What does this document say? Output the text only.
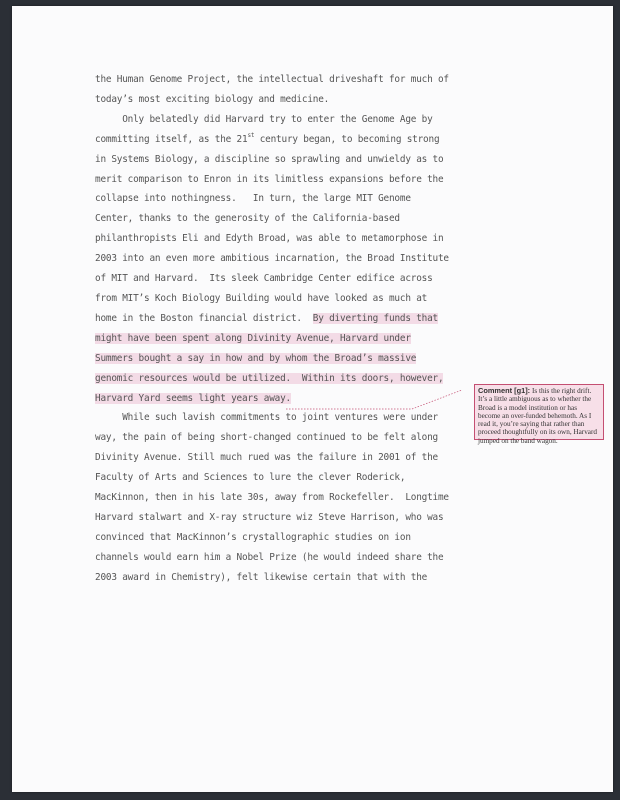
the Human Genome Project, the intellectual driveshaft for much of
today’s most exciting biology and medicine.
Only belatedly did Harvard try to enter the Genome Age by
committing itself, as the 21st century began, to becoming strong
in Systems Biology, a discipline so sprawling and unwieldy as to
merit comparison to Enron in its limitless expansions before the
collapse into nothingness.   In turn, the large MIT Genome
Center, thanks to the generosity of the California-based
philanthropists Eli and Edyth Broad, was able to metamorphose in
2003 into an even more ambitious incarnation, the Broad Institute
of MIT and Harvard.  Its sleek Cambridge Center edifice across
from MIT’s Koch Biology Building would have looked as much at
home in the Boston financial district.  By diverting funds that
might have been spent along Divinity Avenue, Harvard under
Summers bought a say in how and by whom the Broad’s massive
genomic resources would be utilized.  Within its doors, however,
Harvard Yard seems light years away.
While such lavish commitments to joint ventures were under
way, the pain of being short-changed continued to be felt along
Divinity Avenue. Still much rued was the failure in 2001 of the
Faculty of Arts and Sciences to lure the clever Roderick,
MacKinnon, then in his late 30s, away from Rockefeller.  Longtime
Harvard stalwart and X-ray structure wiz Steve Harrison, who was
convinced that MacKinnon’s crystallographic studies on ion
channels would earn him a Nobel Prize (he would indeed share the
2003 award in Chemistry), felt likewise certain that with the
Comment [g1]: Is this the right drift. It’s a little ambiguous as to whether the Broad is a model institution or has become an over-funded behemoth. As I read it, you’re saying that rather than proceed thoughtfully on its own, Harvard jumped on the band wagon.
